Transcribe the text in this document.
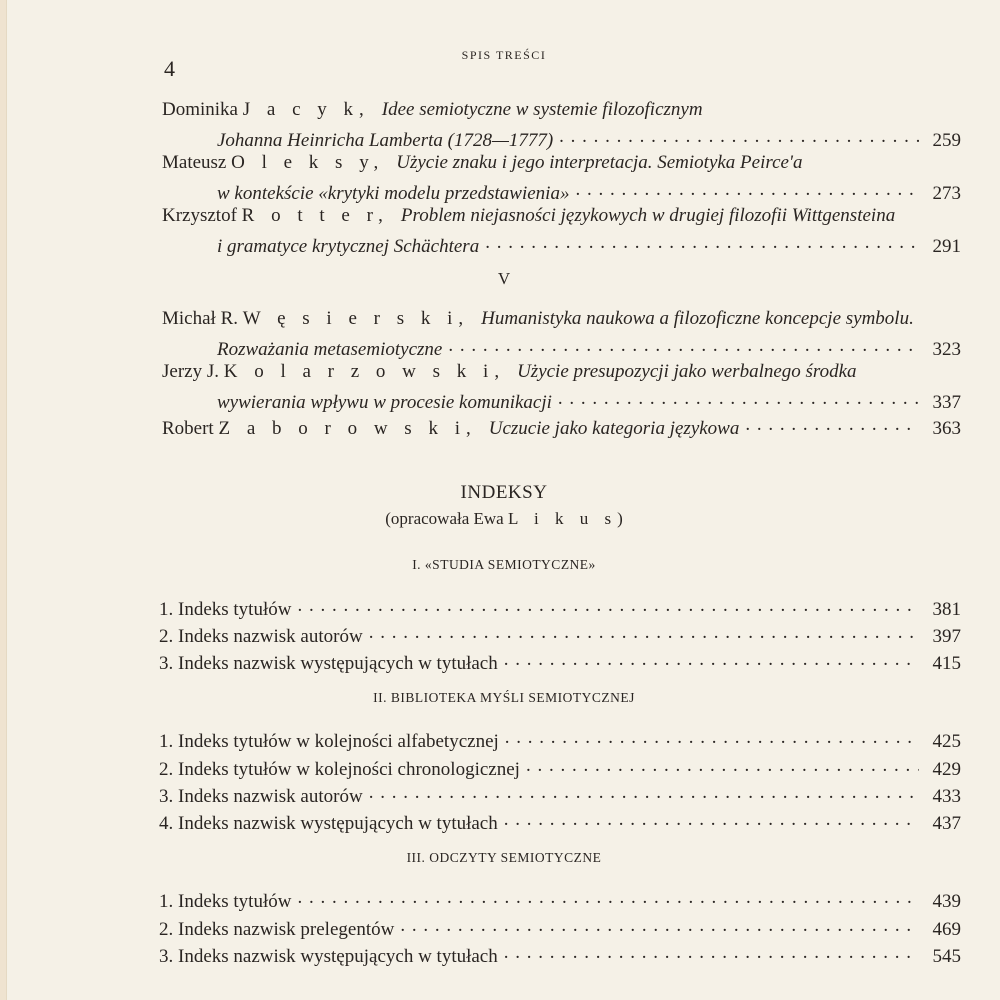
4
SPIS TREŚCI
Dominika
J a c y k, Idee semiotyczne w systemie filozoficznym
Johanna Heinricha Lamberta (1728—1777) . . .	259
Mateusz
O l e k s y, Użycie znaku i jego interpretacja. Semiotyka Peirce'a
w kontekście «krytyki modelu przedstawienia» . . .	273
Krzysztof
R o t t e r, Problem niejasności językowych w drugiej filozofii Wittgensteina
i gramatyce krytycznej Schächtera . . .	291
V
Michał R.
W ę s i e r s k i, Humanistyka naukowa a filozoficzne koncepcje symbolu.
Rozważania metasemiotyczne . . .	323
Jerzy J.
K o l a r z o w s k i, Użycie presupozycji jako werbalnego środka
wywierania wpływu w procesie komunikacji . . .	337
Robert
Z a b o r o w s k i, Uczucie jako kategoria językowa . . .	363
INDEKSY
(opracowała Ewa L i k u s)
I. «STUDIA SEMIOTYCZNE»
1. Indeks tytułów . . .	381
2. Indeks nazwisk autorów . . .	397
3. Indeks nazwisk występujących w tytułach . . .	415
II. BIBLIOTEKA MYŚLI SEMIOTYCZNEJ
1. Indeks tytułów w kolejności alfabetycznej . . .	425
2. Indeks tytułów w kolejności chronologicznej . . .	429
3. Indeks nazwisk autorów . . .	433
4. Indeks nazwisk występujących w tytułach . . .	437
III. ODCZYTY SEMIOTYCZNE
1. Indeks tytułów . . .	439
2. Indeks nazwisk prelegentów . . .	469
3. Indeks nazwisk występujących w tytułach . . .	545
